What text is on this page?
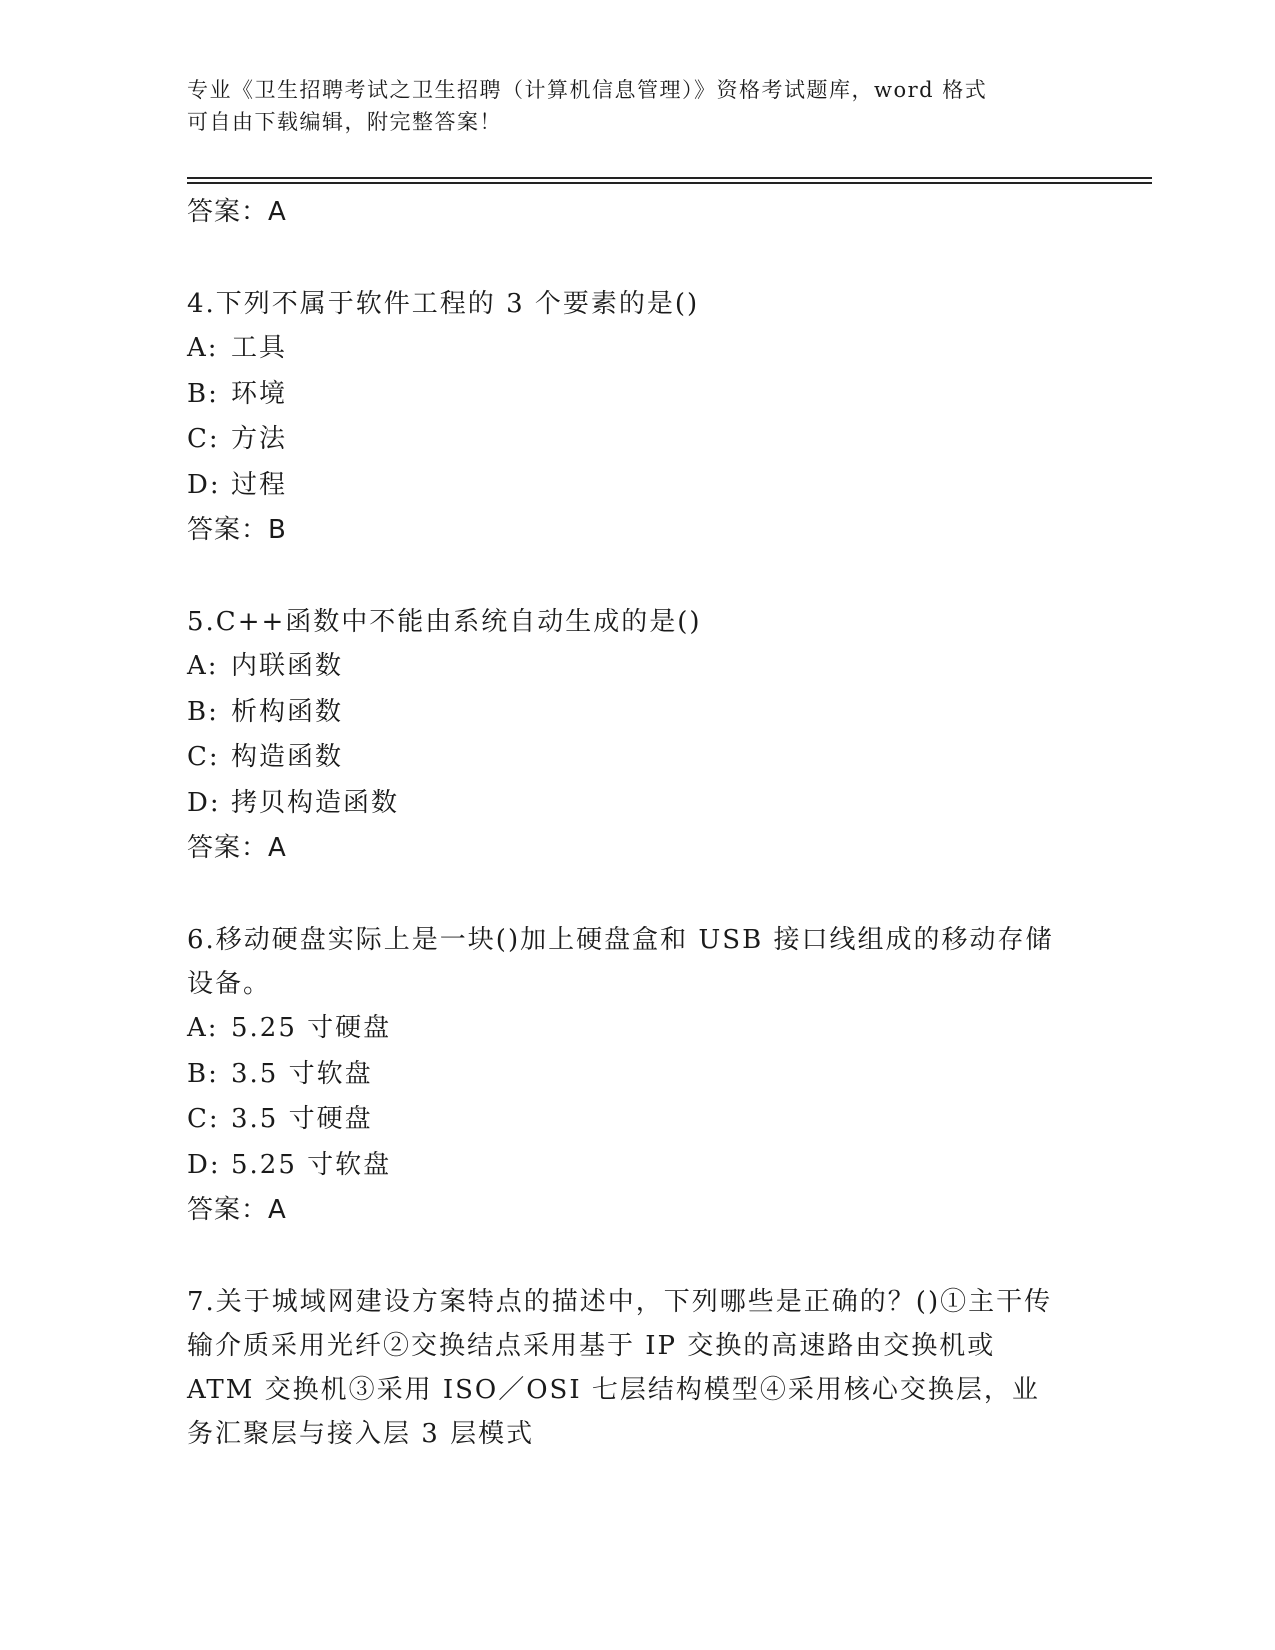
专业《卫生招聘考试之卫生招聘（计算机信息管理）》资格考试题库，word 格式
可自由下载编辑，附完整答案！
答案：A
4.下列不属于软件工程的 3 个要素的是()
A: 工具
B: 环境
C: 方法
D: 过程
答案：B
5.C++函数中不能由系统自动生成的是()
A: 内联函数
B: 析构函数
C: 构造函数
D: 拷贝构造函数
答案：A
6.移动硬盘实际上是一块()加上硬盘盒和 USB 接口线组成的移动存储设备。
A: 5.25 寸硬盘
B: 3.5 寸软盘
C: 3.5 寸硬盘
D: 5.25 寸软盘
答案：A
7.关于城域网建设方案特点的描述中，下列哪些是正确的？()①主干传输介质采用光纤②交换结点采用基于 IP 交换的高速路由交换机或 ATM 交换机③采用 ISO／OSI 七层结构模型④采用核心交换层，业务汇聚层与接入层 3 层模式
